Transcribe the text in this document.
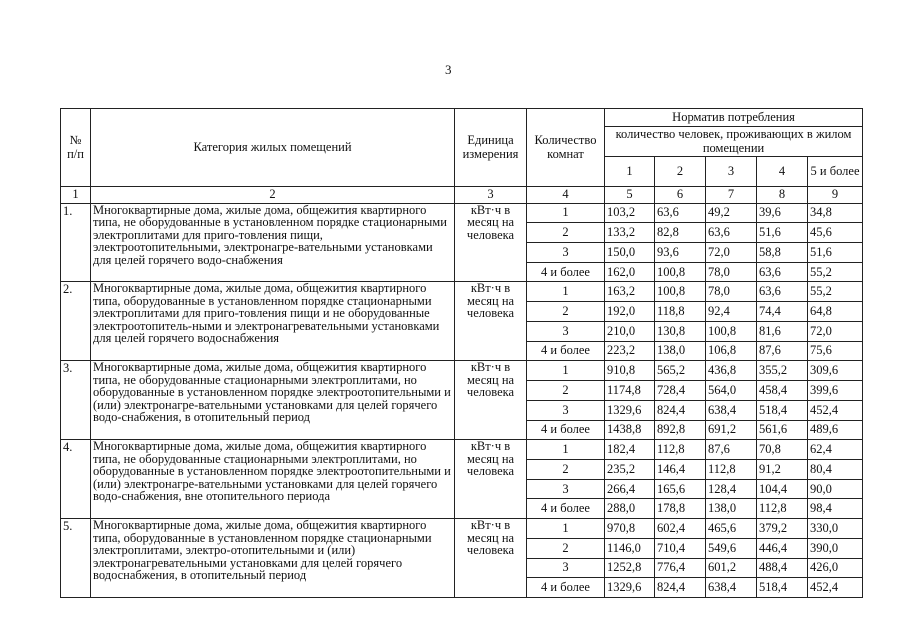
3
№ п/п	Категория жилых помещений	Единица измерения	Количество комнат	Норматив потребления				
				количество человек, проживающих в жилом помещении				
				1	2	3	4	5 и более
1	2	3	4	5	6	7	8	9
1.	Многоквартирные дома, жилые дома, общежития квартирного типа, не оборудованные в установленном порядке стационарными электроплитами для приго-товления пищи, электроотопительными, электронагре-вательными установками для целей горячего водо-снабжения	кВт·ч в месяц на человека	1	103,2	63,6	49,2	39,6	34,8
			2	133,2	82,8	63,6	51,6	45,6
			3	150,0	93,6	72,0	58,8	51,6
			4 и более	162,0	100,8	78,0	63,6	55,2
2.	Многоквартирные дома, жилые дома, общежития квартирного типа, оборудованные в установленном порядке стационарными электроплитами для приго-товления пищи и не оборудованные электроотопитель-ными и электронагревательными установками для целей горячего водоснабжения	кВт·ч в месяц на человека	1	163,2	100,8	78,0	63,6	55,2
			2	192,0	118,8	92,4	74,4	64,8
			3	210,0	130,8	100,8	81,6	72,0
			4 и более	223,2	138,0	106,8	87,6	75,6
3.	Многоквартирные дома, жилые дома, общежития квартирного типа, не оборудованные стационарными электроплитами, но оборудованные в установленном порядке электроотопительными и (или) электронагре-вательными установками для целей горячего водо-снабжения, в отопительный период	кВт·ч в месяц на человека	1	910,8	565,2	436,8	355,2	309,6
			2	1174,8	728,4	564,0	458,4	399,6
			3	1329,6	824,4	638,4	518,4	452,4
			4 и более	1438,8	892,8	691,2	561,6	489,6
4.	Многоквартирные дома, жилые дома, общежития квартирного типа, не оборудованные стационарными электроплитами, но оборудованные в установленном порядке электроотопительными и (или) электронагре-вательными установками для целей горячего водо-снабжения, вне отопительного периода	кВт·ч в месяц на человека	1	182,4	112,8	87,6	70,8	62,4
			2	235,2	146,4	112,8	91,2	80,4
			3	266,4	165,6	128,4	104,4	90,0
			4 и более	288,0	178,8	138,0	112,8	98,4
5.	Многоквартирные дома, жилые дома, общежития квартирного типа, оборудованные в установленном порядке стационарными электроплитами, электро-отопительными и (или) электронагревательными установками для целей горячего водоснабжения, в отопительный период	кВт·ч в месяц на человека	1	970,8	602,4	465,6	379,2	330,0
			2	1146,0	710,4	549,6	446,4	390,0
			3	1252,8	776,4	601,2	488,4	426,0
			4 и более	1329,6	824,4	638,4	518,4	452,4
